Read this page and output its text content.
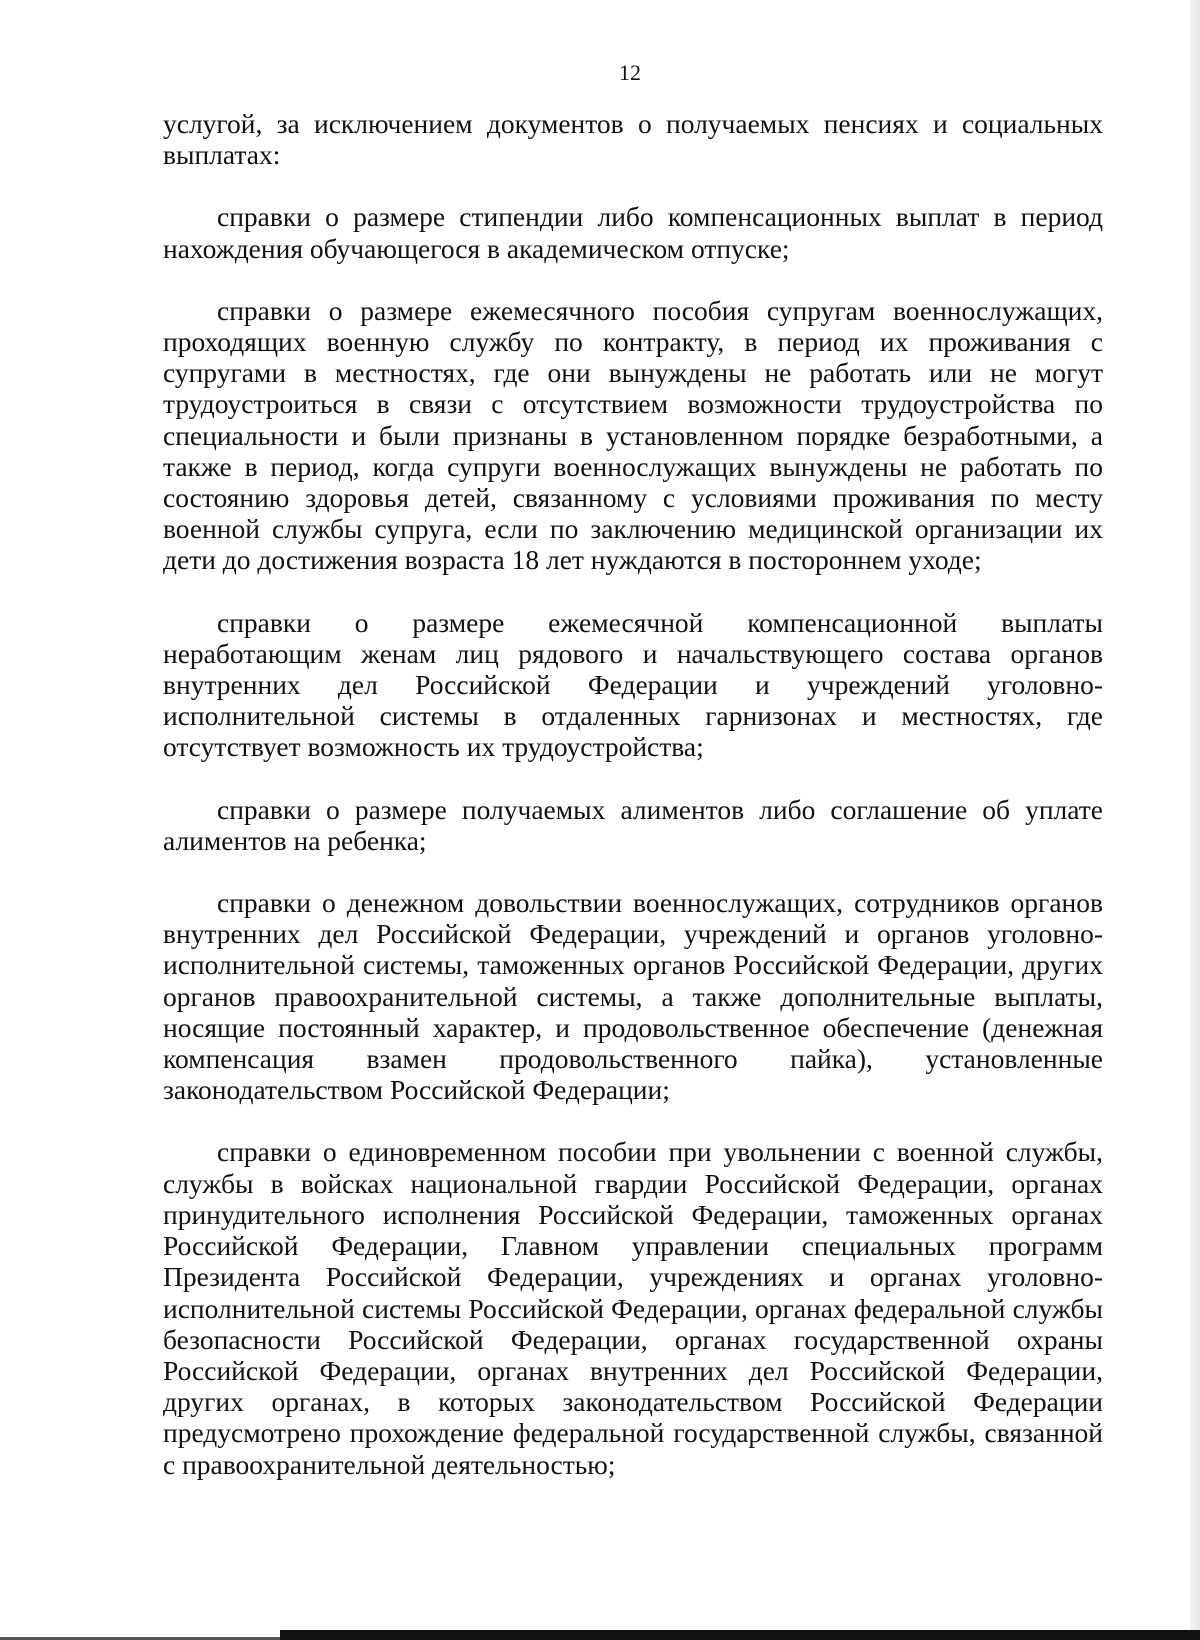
12

услугой, за исключением документов о получаемых пенсиях и социальных выплатах:

справки о размере стипендии либо компенсационных выплат в период нахождения обучающегося в академическом отпуске;

справки о размере ежемесячного пособия супругам военнослужащих, проходящих военную службу по контракту, в период их проживания с супругами в местностях, где они вынуждены не работать или не могут трудоустроиться в связи с отсутствием возможности трудоустройства по специальности и были признаны в установленном порядке безработными, а также в период, когда супруги военнослужащих вынуждены не работать по состоянию здоровья детей, связанному с условиями проживания по месту военной службы супруга, если по заключению медицинской организации их дети до достижения возраста 18 лет нуждаются в постороннем уходе;

справки о размере ежемесячной компенсационной выплаты неработающим женам лиц рядового и начальствующего состава органов внутренних дел Российской Федерации и учреждений уголовно-исполнительной системы в отдаленных гарнизонах и местностях, где отсутствует возможность их трудоустройства;

справки о размере получаемых алиментов либо соглашение об уплате алиментов на ребенка;

справки о денежном довольствии военнослужащих, сотрудников органов внутренних дел Российской Федерации, учреждений и органов уголовно-исполнительной системы, таможенных органов Российской Федерации, других органов правоохранительной системы, а также дополнительные выплаты, носящие постоянный характер, и продовольственное обеспечение (денежная компенсация взамен продовольственного пайка), установленные законодательством Российской Федерации;

справки о единовременном пособии при увольнении с военной службы, службы в войсках национальной гвардии Российской Федерации, органах принудительного исполнения Российской Федерации, таможенных органах Российской Федерации, Главном управлении специальных программ Президента Российской Федерации, учреждениях и органах уголовно-исполнительной системы Российской Федерации, органах федеральной службы безопасности Российской Федерации, органах государственной охраны Российской Федерации, органах внутренних дел Российской Федерации, других органах, в которых законодательством Российской Федерации предусмотрено прохождение федеральной государственной службы, связанной с правоохранительной деятельностью;
